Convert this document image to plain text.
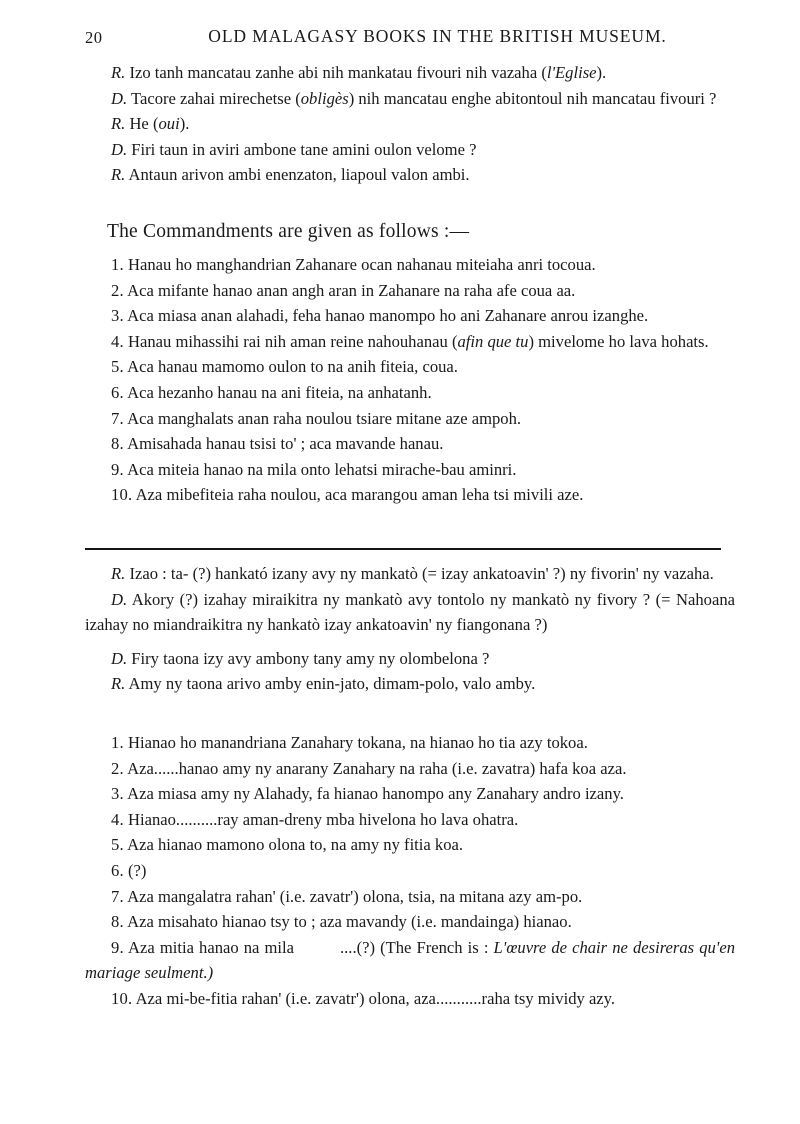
20	OLD MALAGASY BOOKS IN THE BRITISH MUSEUM.

R. Izo tanh mancatau zanhe abi nih mankatau fivouri nih vazaha (l'Eglise).

D. Tacore zahai mirechetse (obligès) nih mancatau enghe abitontoul nih mancatau fivouri ?

R. He (oui).

D. Firi taun in aviri ambone tane amini oulon velome ?

R. Antaun arivon ambi enenzaton, liapoul valon ambi.

The Commandments are given as follows :—

1. Hanau ho manghandrian Zahanare ocan nahanau miteiaha anri tocoua.

2. Aca mifante hanao anan angh aran in Zahanare na raha afe coua aa.

3. Aca miasa anan alahadi, feha hanao manompo ho ani Zahanare anrou izanghe.

4. Hanau mihassihi rai nih aman reine nahouhanau (afin que tu) mivelome ho lava hohats.

5. Aca hanau mamomo oulon to na anih fiteia, coua.

6. Aca hezanho hanau na ani fiteia, na anhatanh.

7. Aca manghalats anan raha noulou tsiare mitane aze ampoh.

8. Amisahada hanau tsisi to' ; aca mavande hanau.

9. Aca miteia hanao na mila onto lehatsi mirache-bau aminri.

10. Aza mibefiteia raha noulou, aca marangou aman leha tsi mivili aze.

R. Izao : ta- (?) hankató izany avy ny mankatò (= izay ankatoavin' ?) ny fivorin' ny vazaha.

D. Akory (?) izahay miraikitra ny mankatò avy tontolo ny mankatò ny fivory ? (= Nahoana izahay no miandraikitra ny hankatò izay ankatoavin' ny fiangonana ?)

D. Firy taona izy avy ambony tany amy ny olombelona ?

R. Amy ny taona arivo amby enin-jato, dimam-polo, valo amby.

1. Hianao ho manandriana Zanahary tokana, na hianao ho tia azy tokoa.

2. Aza......hanao amy ny anarany Zanahary na raha (i.e. zavatra) hafa koa aza.

3. Aza miasa amy ny Alahady, fa hianao hanompo any Zanahary andro izany.

4. Hianao..........ray aman-dreny mba hivelona ho lava ohatra.

5. Aza hianao mamono olona to, na amy ny fitia koa.

6. (?)

7. Aza mangalatra rahan' (i.e. zavatr') olona, tsia, na mitana azy am-po.

8. Aza misahato hianao tsy to ; aza mavandy (i.e. mandainga) hianao.

9. Aza mitia hanao na mila	....(?) (The French is : L'œuvre de chair ne desireras qu'en mariage seulment.)

10. Aza mi-be-fitia rahan' (i.e. zavatr') olona, aza...........raha tsy mividy azy.
